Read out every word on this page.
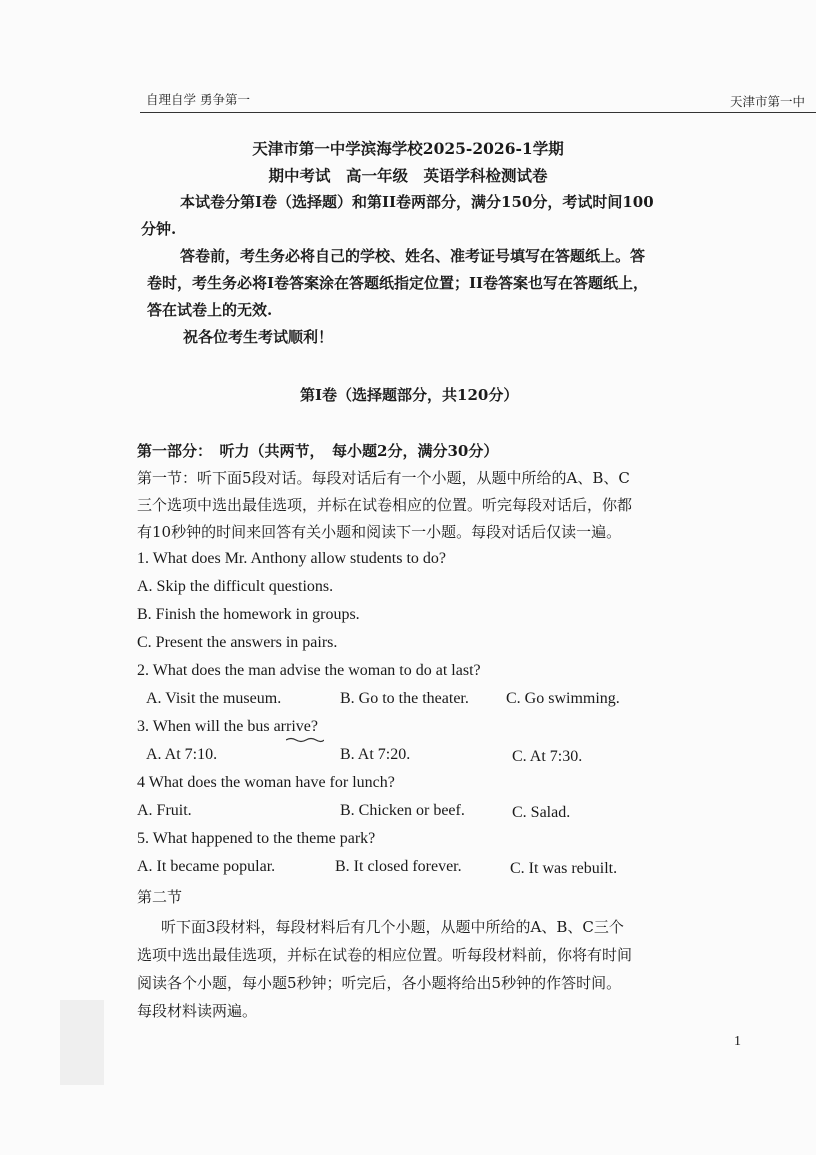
自理自学 勇争第一	天津市第一中
天津市第一中学滨海学校2025-2026-1学期
期中考试　高一年级　英语学科检测试卷
本试卷分第I卷（选择题）和第II卷两部分，满分150分，考试时间100
分钟.
答卷前，考生务必将自己的学校、姓名、准考证号填写在答题纸上。答
卷时，考生务必将I卷答案涂在答题纸指定位置；II卷答案也写在答题纸上，
答在试卷上的无效.
祝各位考生考试顺利！
第I卷（选择题部分，共120分）
第一部分：　听力（共两节，　每小题2分，满分30分）
第一节：听下面5段对话。每段对话后有一个小题，从题中所给的A、B、C
三个选项中选出最佳选项，并标在试卷相应的位置。听完每段对话后，你都
有10秒钟的时间来回答有关小题和阅读下一小题。每段对话后仅读一遍。
1. What does Mr. Anthony allow students to do?
A. Skip the difficult questions.
B. Finish the homework in groups.
C. Present the answers in pairs.
2. What does the man advise the woman to do at last?
A. Visit the museum.	B. Go to the theater. C. Go swimming.
3. When will the bus arrive?
A. At 7:10.	B. At 7:20.	C. At 7:30.
4 What does the woman have for lunch?
A. Fruit.	B. Chicken or beef.	C. Salad.
5. What happened to the theme park?
A. It became popular.	B. It closed forever.	C. It was rebuilt.
第二节
听下面3段材料，每段材料后有几个小题，从题中所给的A、B、C三个
选项中选出最佳选项，并标在试卷的相应位置。听每段材料前，你将有时间
阅读各个小题，每小题5秒钟；听完后，各小题将给出5秒钟的作答时间。
每段材料读两遍。
1
